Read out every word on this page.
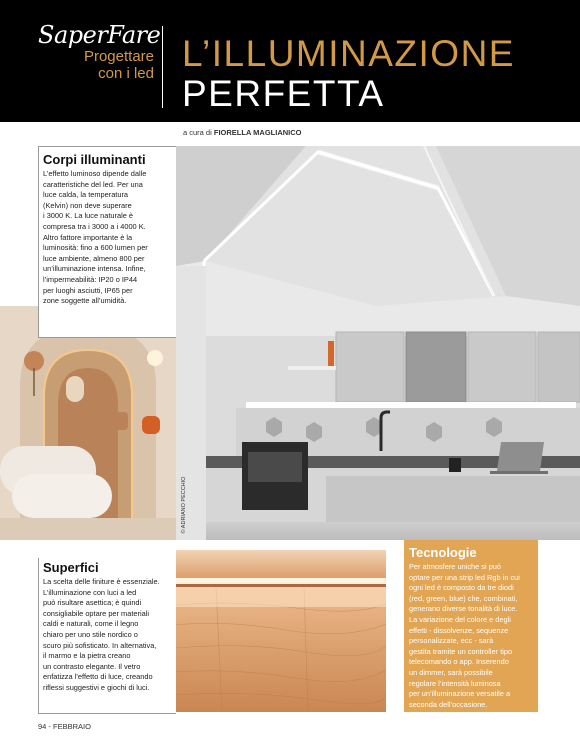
SaperFare
Progettare
con i led L’ILLUMINAZIONE
PERFETTA
a cura di FIORELLA MAGLIANICO
© ADRIANO PECCHIO
Corpi illuminanti
L’effetto luminoso dipende dalle
caratteristiche del led. Per una
luce calda, la temperatura
(Kelvin) non deve superare
i 3000 K. La luce naturale è
compresa tra i 3000 a i 4000 K.
Altro fattore importante è la
luminosità: fino a 600 lumen per
luce ambiente, almeno 800 per
un’illuminazione intensa. Infine,
l’impermeabilità: IP20 o IP44
per luoghi asciutti, IP65 per
zone soggette all’umidità.
Superfici
La scelta delle finiture è essenziale.
L’illuminazione con luci a led
può risultare asettica; è quindi
consigliabile optare per materiali
caldi e naturali, come il legno
chiaro per uno stile nordico o
scuro più sofisticato. In alternativa,
il marmo e la pietra creano
un contrasto elegante. Il vetro
enfatizza l’effetto di luce, creando
riflessi suggestivi e giochi di luci.
Tecnologie
Per atmosfere uniche si può
optare per una strip led Rgb in cui
ogni led è composto da tre diodi
(red, green, blue) che, combinati,
generano diverse tonalità di luce.
La variazione del colore e degli
effetti - dissolvenze, sequenze
personalizzate, ecc - sarà
gestita tramite un controller tipo
telecomando o app. Inserendo
un dimmer, sarà possibile
regolare l’intensità luminosa
per un’illuminazione versatile a
seconda dell’occasione.
94 - FEBBRAIO
